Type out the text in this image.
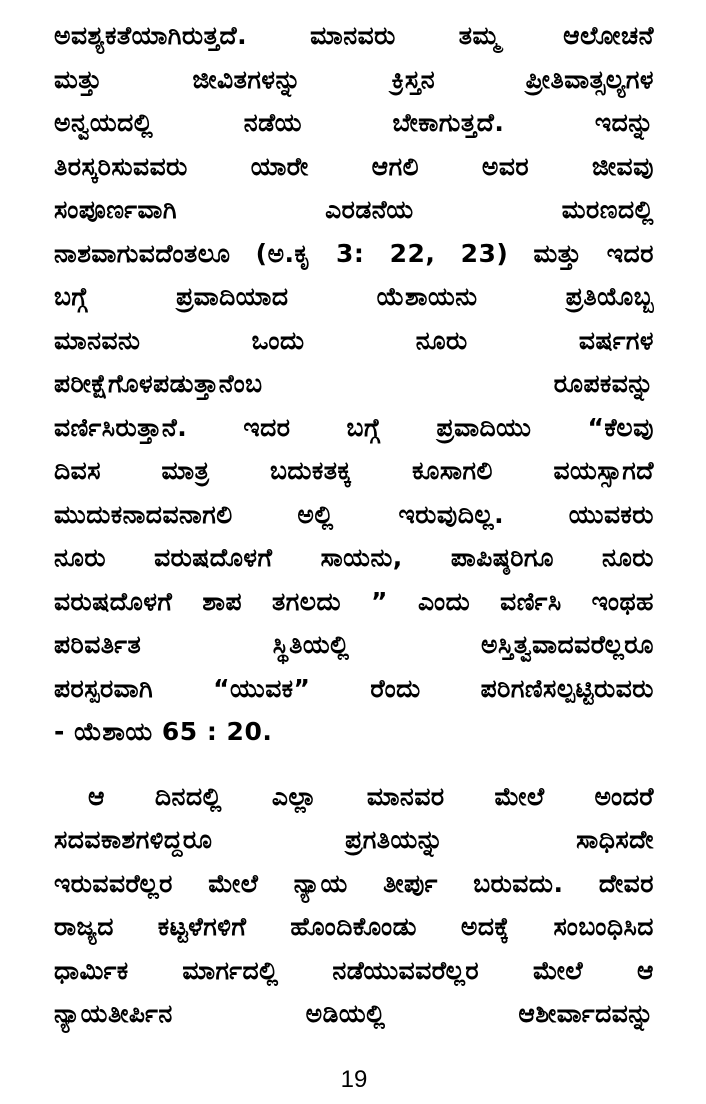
ಅವಶ್ಯಕತೆಯಾಗಿರುತ್ತದೆ.	ಮಾನವರು	ತಮ್ಮ	ಆಲೋಚನೆ
ಮತ್ತು	ಜೀವಿತಗಳನ್ನು	ಕ್ರಿಸ್ತನ	ಪ್ರೀತಿವಾತ್ಸಲ್ಯಗಳ
ಅನ್ವಯದಲ್ಲಿ	ನಡೆಯ	ಬೇಕಾಗುತ್ತದೆ.	ಇದನ್ನು
ತಿರಸ್ಕರಿಸುವವರು	ಯಾರೇ	ಆಗಲಿ	ಅವರ	ಜೀವವು
ಸಂಪೂರ್ಣವಾಗಿ	ಎರಡನೆಯ	ಮರಣದಲ್ಲಿ
ನಾಶವಾಗುವದೆಂತಲೂ (ಅ.ಕೃ 3: 22, 23) ಮತ್ತು ಇದರ
ಬಗ್ಗೆ	ಪ್ರವಾದಿಯಾದ	ಯೆಶಾಯನು	ಪ್ರತಿಯೊಬ್ಬ
ಮಾನವನು	ಒಂದು	ನೂರು	ವರ್ಷಗಳ
ಪರೀಕ್ಷೆಗೊಳಪಡುತ್ತಾನೆಂಬ	ರೂಪಕವನ್ನು
ವರ್ಣಿಸಿರುತ್ತಾನೆ. ಇದರ ಬಗ್ಗೆ ಪ್ರವಾದಿಯು “ಕೆಲವು
ದಿವಸ ಮಾತ್ರ ಬದುಕತಕ್ಕ ಕೂಸಾಗಲಿ ವಯಸ್ಸಾಗದೆ
ಮುದುಕನಾದವನಾಗಲಿ	ಅಲ್ಲಿ	ಇರುವುದಿಲ್ಲ.	ಯುವಕರು
ನೂರು ವರುಷದೊಳಗೆ ಸಾಯನು, ಪಾಪಿಷ್ಠರಿಗೂ ನೂರು
ವರುಷದೊಳಗೆ ಶಾಪ ತಗಲದು ” ಎಂದು ವರ್ಣಿಸಿ ಇಂಥಹ
ಪರಿವರ್ತಿತ	ಸ್ಥಿತಿಯಲ್ಲಿ	ಅಸ್ತಿತ್ವವಾದವರೆಲ್ಲರೂ
ಪರಸ್ಪರವಾಗಿ “ಯುವಕ” ರೆಂದು ಪರಿಗಣಿಸಲ್ಪಟ್ಟಿರುವರು
- ಯೆಶಾಯ 65 : 20.
ಆ ದಿನದಲ್ಲಿ ಎಲ್ಲಾ ಮಾನವರ ಮೇಲೆ ಅಂದರೆ
ಸದವಕಾಶಗಳಿದ್ದರೂ	ಪ್ರಗತಿಯನ್ನು	ಸಾಧಿಸದೇ
ಇರುವವರೆಲ್ಲರ ಮೇಲೆ ನ್ಯಾಯ ತೀರ್ಪು ಬರುವದು. ದೇವರ
ರಾಜ್ಯದ ಕಟ್ಟಳೆಗಳಿಗೆ ಹೊಂದಿಕೊಂಡು ಅದಕ್ಕೆ ಸಂಬಂಧಿಸಿದ
ಧಾರ್ಮಿಕ ಮಾರ್ಗದಲ್ಲಿ ನಡೆಯುವವರೆಲ್ಲರ ಮೇಲೆ ಆ
ನ್ಯಾಯತೀರ್ಪಿನ	ಅಡಿಯಲ್ಲಿ	ಆಶೀರ್ವಾದವನ್ನು
19
